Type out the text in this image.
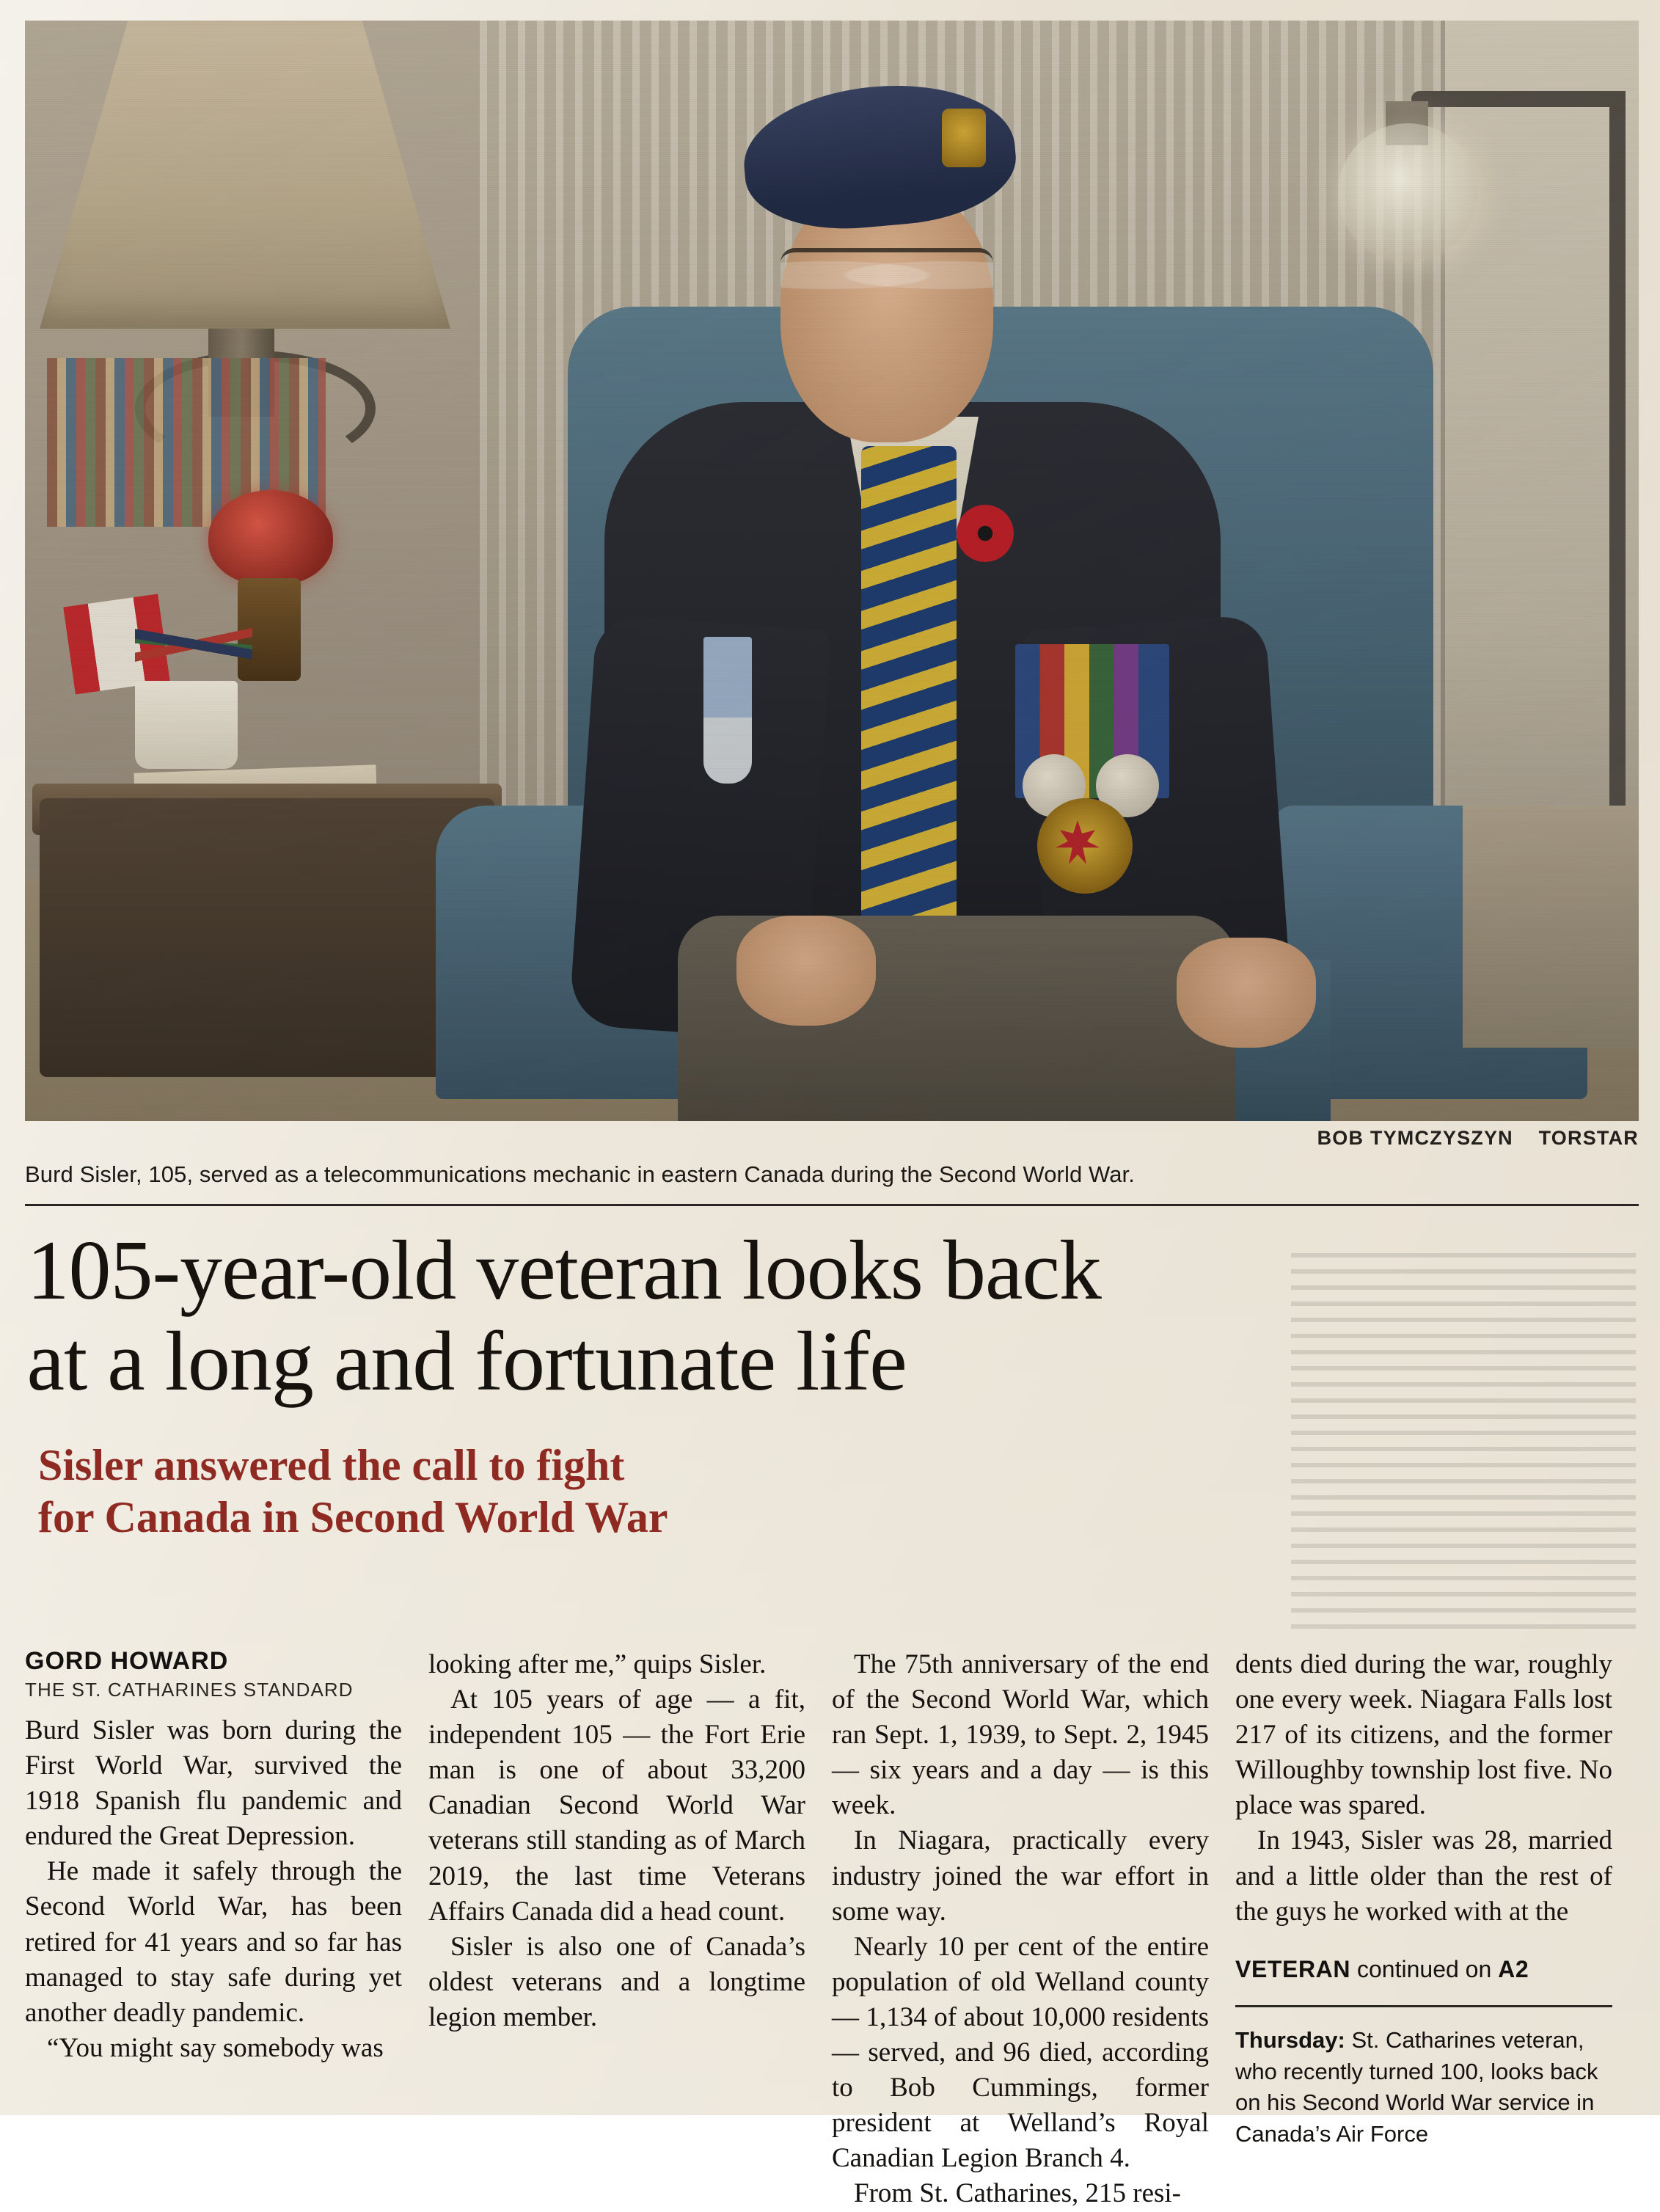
BOB TYMCZYSZYN TORSTAR
Burd Sisler, 105, served as a telecommunications mechanic in eastern Canada during the Second World War.
105-year-old veteran looks back
at a long and fortunate life
Sisler answered the call to fight
for Canada in Second World War
GORD HOWARD
THE ST. CATHARINES STANDARD

Burd Sisler was born during the First World War, survived the 1918 Spanish flu pandemic and endured the Great Depression.

He made it safely through the Second World War, has been retired for 41 years and so far has managed to stay safe during yet another deadly pandemic.

“You might say somebody was

looking after me,” quips Sisler.

At 105 years of age — a fit, independent 105 — the Fort Erie man is one of about 33,200 Canadian Second World War veterans still standing as of March 2019, the last time Veterans Affairs Canada did a head count.

Sisler is also one of Canada’s oldest veterans and a longtime legion member.

The 75th anniversary of the end of the Second World War, which ran Sept. 1, 1939, to Sept. 2, 1945 — six years and a day — is this week.

In Niagara, practically every industry joined the war effort in some way.

Nearly 10 per cent of the entire population of old Welland county — 1,134 of about 10,000 residents — served, and 96 died, according to Bob Cummings, former president at Welland’s Royal Canadian Legion Branch 4.

From St. Catharines, 215 resi-

dents died during the war, roughly one every week. Niagara Falls lost 217 of its citizens, and the former Willoughby township lost five. No place was spared.

In 1943, Sisler was 28, married and a little older than the rest of the guys he worked with at the

VETERAN continued on A2
Thursday: St. Catharines veteran, who recently turned 100, looks back on his Second World War service in Canada’s Air Force
